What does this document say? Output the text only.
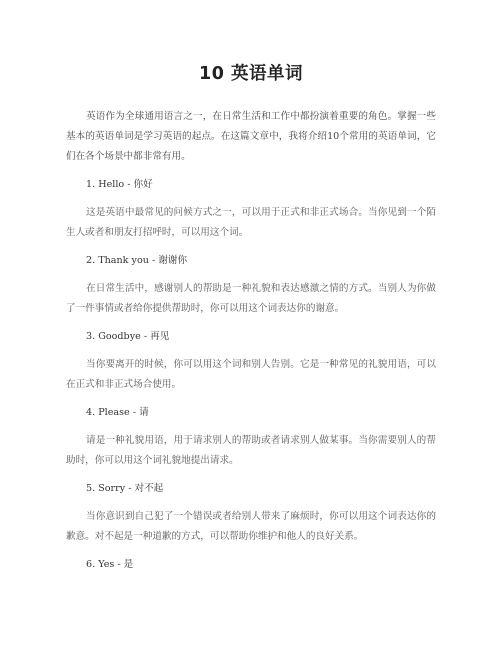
10 英语单词

英语作为全球通用语言之一，在日常生活和工作中都扮演着重要的角色。掌握一些基本的英语单词是学习英语的起点。在这篇文章中，我将介绍10个常用的英语单词，它们在各个场景中都非常有用。

1. Hello - 你好

这是英语中最常见的问候方式之一，可以用于正式和非正式场合。当你见到一个陌生人或者和朋友打招呼时，可以用这个词。

2. Thank you - 谢谢你

在日常生活中，感谢别人的帮助是一种礼貌和表达感激之情的方式。当别人为你做了一件事情或者给你提供帮助时，你可以用这个词表达你的谢意。

3. Goodbye - 再见

当你要离开的时候，你可以用这个词和别人告别。它是一种常见的礼貌用语，可以在正式和非正式场合使用。

4. Please - 请

请是一种礼貌用语，用于请求别人的帮助或者请求别人做某事。当你需要别人的帮助时，你可以用这个词礼貌地提出请求。

5. Sorry - 对不起

当你意识到自己犯了一个错误或者给别人带来了麻烦时，你可以用这个词表达你的歉意。对不起是一种道歉的方式，可以帮助你维护和他人的良好关系。

6. Yes - 是
